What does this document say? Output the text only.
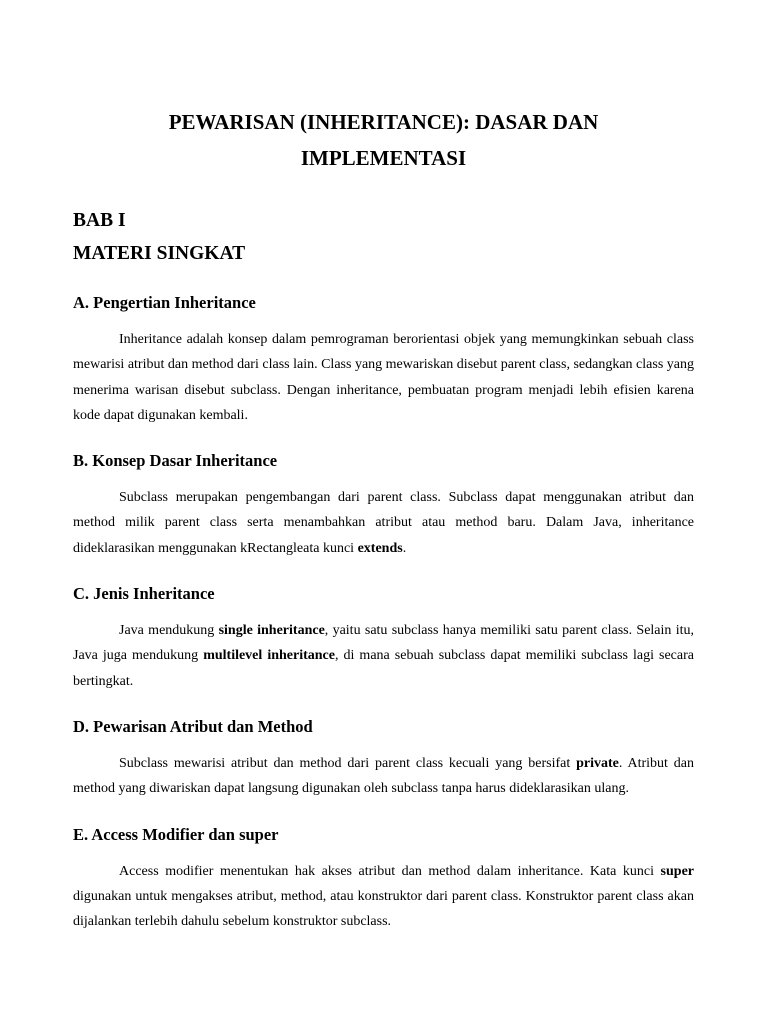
PEWARISAN (INHERITANCE): DASAR DAN
IMPLEMENTASI
BAB I
MATERI SINGKAT
A. Pengertian Inheritance

Inheritance adalah konsep dalam pemrograman berorientasi objek yang memungkinkan sebuah class mewarisi atribut dan method dari class lain. Class yang mewariskan disebut parent class, sedangkan class yang menerima warisan disebut subclass. Dengan inheritance, pembuatan program menjadi lebih efisien karena kode dapat digunakan kembali.

B. Konsep Dasar Inheritance

Subclass merupakan pengembangan dari parent class. Subclass dapat menggunakan atribut dan method milik parent class serta menambahkan atribut atau method baru. Dalam Java, inheritance dideklarasikan menggunakan kRectangleata kunci extends.

C. Jenis Inheritance

Java mendukung single inheritance, yaitu satu subclass hanya memiliki satu parent class. Selain itu, Java juga mendukung multilevel inheritance, di mana sebuah subclass dapat memiliki subclass lagi secara bertingkat.

D. Pewarisan Atribut dan Method

Subclass mewarisi atribut dan method dari parent class kecuali yang bersifat private. Atribut dan method yang diwariskan dapat langsung digunakan oleh subclass tanpa harus dideklarasikan ulang.

E. Access Modifier dan super

Access modifier menentukan hak akses atribut dan method dalam inheritance. Kata kunci super digunakan untuk mengakses atribut, method, atau konstruktor dari parent class. Konstruktor parent class akan dijalankan terlebih dahulu sebelum konstruktor subclass.
